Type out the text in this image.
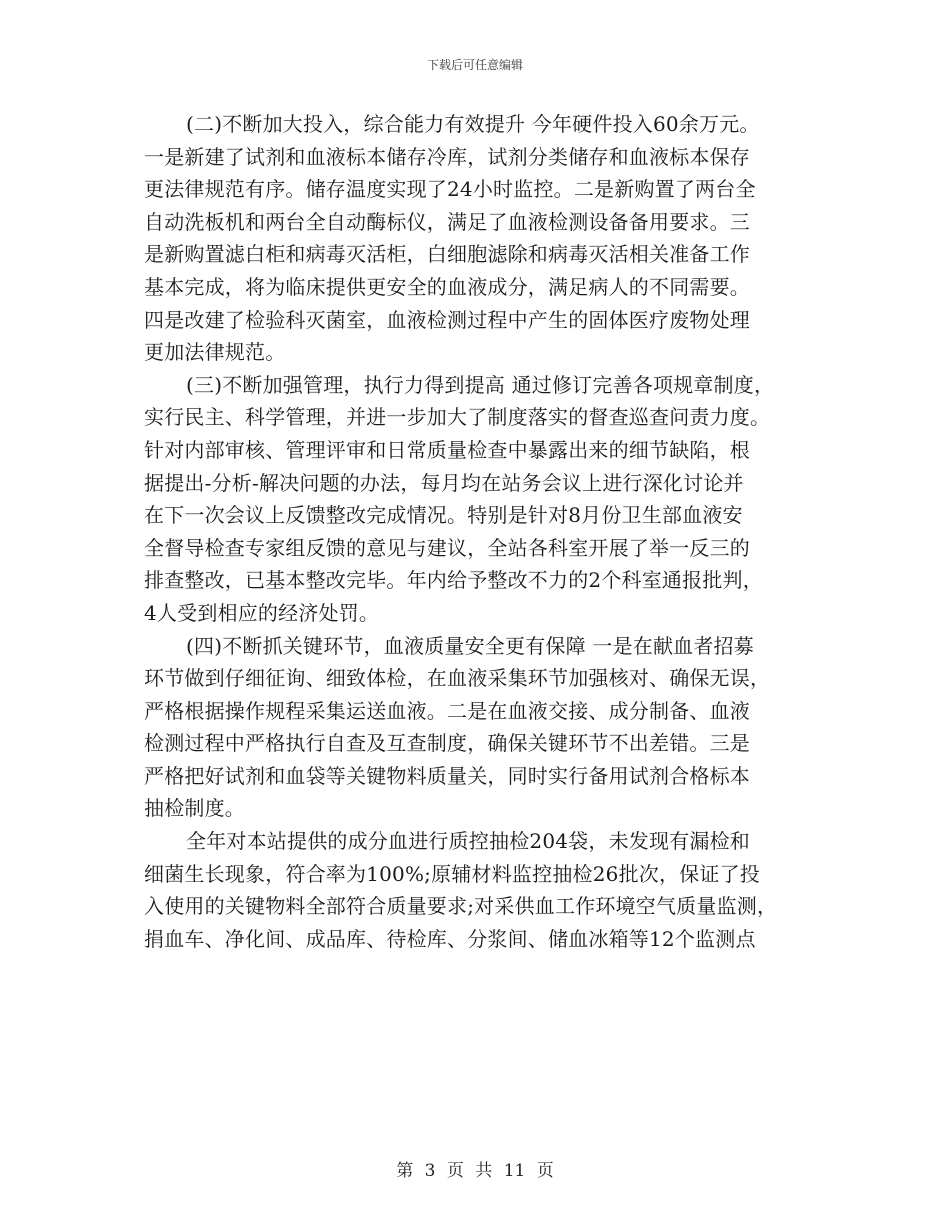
下载后可任意编辑
(二)不断加大投入，综合能力有效提升 今年硬件投入60余万元。
一是新建了试剂和血液标本储存冷库，试剂分类储存和血液标本保存
更法律规范有序。储存温度实现了24小时监控。二是新购置了两台全
自动洗板机和两台全自动酶标仪，满足了血液检测设备备用要求。三
是新购置滤白柜和病毒灭活柜，白细胞滤除和病毒灭活相关准备工作
基本完成，将为临床提供更安全的血液成分，满足病人的不同需要。
四是改建了检验科灭菌室，血液检测过程中产生的固体医疗废物处理
更加法律规范。
(三)不断加强管理，执行力得到提高 通过修订完善各项规章制度，
实行民主、科学管理，并进一步加大了制度落实的督查巡查问责力度。
针对内部审核、管理评审和日常质量检查中暴露出来的细节缺陷，根
据提出-分析-解决问题的办法，每月均在站务会议上进行深化讨论并
在下一次会议上反馈整改完成情况。特别是针对8月份卫生部血液安
全督导检查专家组反馈的意见与建议，全站各科室开展了举一反三的
排查整改，已基本整改完毕。年内给予整改不力的2个科室通报批判，
4人受到相应的经济处罚。
(四)不断抓关键环节，血液质量安全更有保障 一是在献血者招募
环节做到仔细征询、细致体检，在血液采集环节加强核对、确保无误，
严格根据操作规程采集运送血液。二是在血液交接、成分制备、血液
检测过程中严格执行自查及互查制度，确保关键环节不出差错。三是
严格把好试剂和血袋等关键物料质量关，同时实行备用试剂合格标本
抽检制度。
全年对本站提供的成分血进行质控抽检204袋，未发现有漏检和
细菌生长现象，符合率为100%;原辅材料监控抽检26批次，保证了投
入使用的关键物料全部符合质量要求;对采供血工作环境空气质量监测，
捐血车、净化间、成品库、待检库、分浆间、储血冰箱等12个监测点
第 3 页 共 11 页
